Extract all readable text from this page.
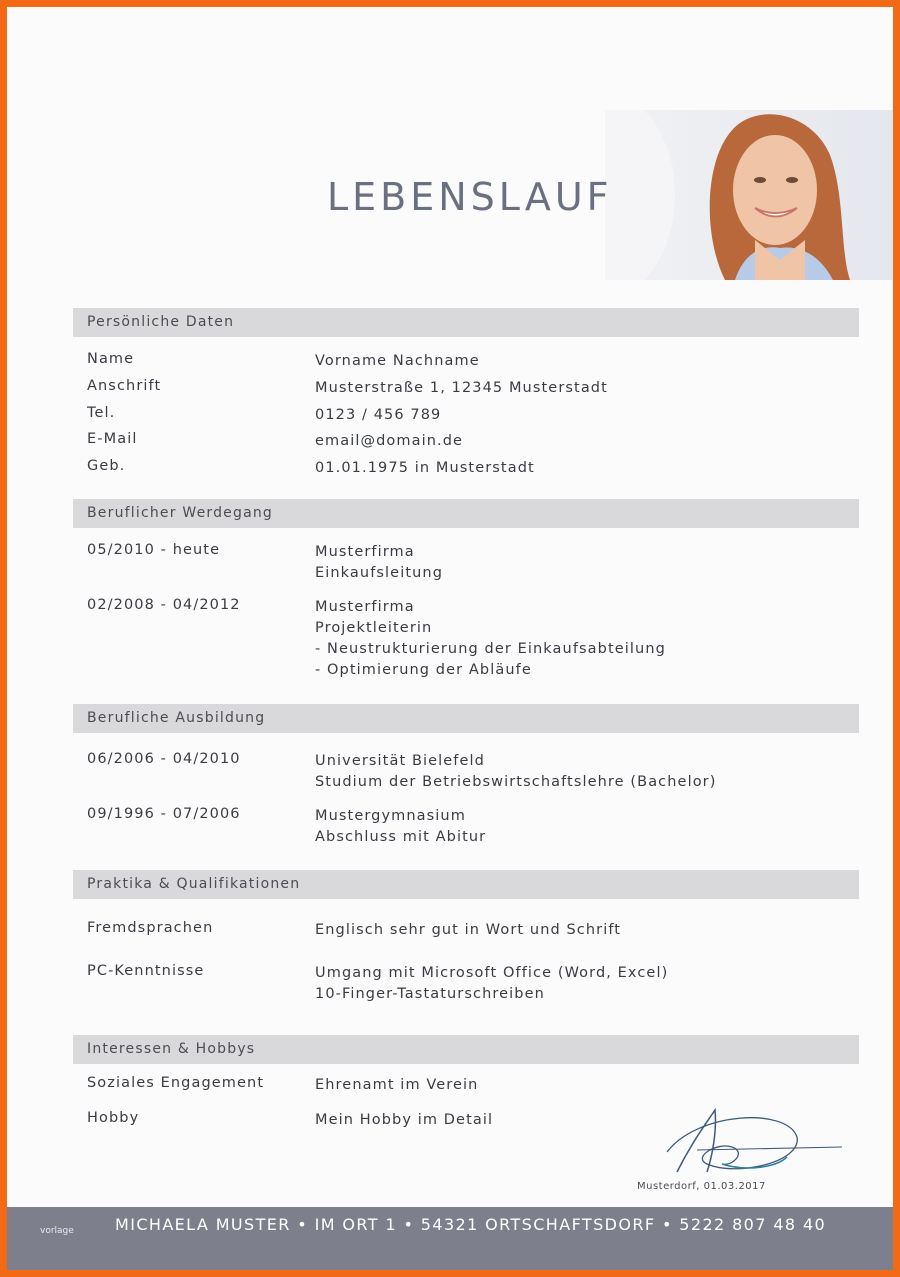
LEBENSLAUF
Persönliche Daten
Name	Vorname Nachname
Anschrift	Musterstraße 1, 12345 Musterstadt
Tel.	0123 / 456 789
E-Mail	email@domain.de
Geb.	01.01.1975 in Musterstadt
Beruflicher Werdegang
05/2010 - heute	Musterfirma
Einkaufsleitung
02/2008 - 04/2012	Musterfirma
Projektleiterin
- Neustrukturierung der Einkaufsabteilung
- Optimierung der Abläufe
Berufliche Ausbildung
06/2006 - 04/2010	Universität Bielefeld
Studium der Betriebswirtschaftslehre (Bachelor)
09/1996 - 07/2006	Mustergymnasium
Abschluss mit Abitur
Praktika & Qualifikationen
Fremdsprachen	Englisch sehr gut in Wort und Schrift
PC-Kenntnisse	Umgang mit Microsoft Office (Word, Excel)
10-Finger-Tastaturschreiben
Interessen & Hobbys
Soziales Engagement	Ehrenamt im Verein
Hobby	Mein Hobby im Detail
Musterdorf, 01.03.2017
vorlage	MICHAELA MUSTER • IM ORT 1 • 54321 ORTSCHAFTSDORF • 5222 807 48 40
